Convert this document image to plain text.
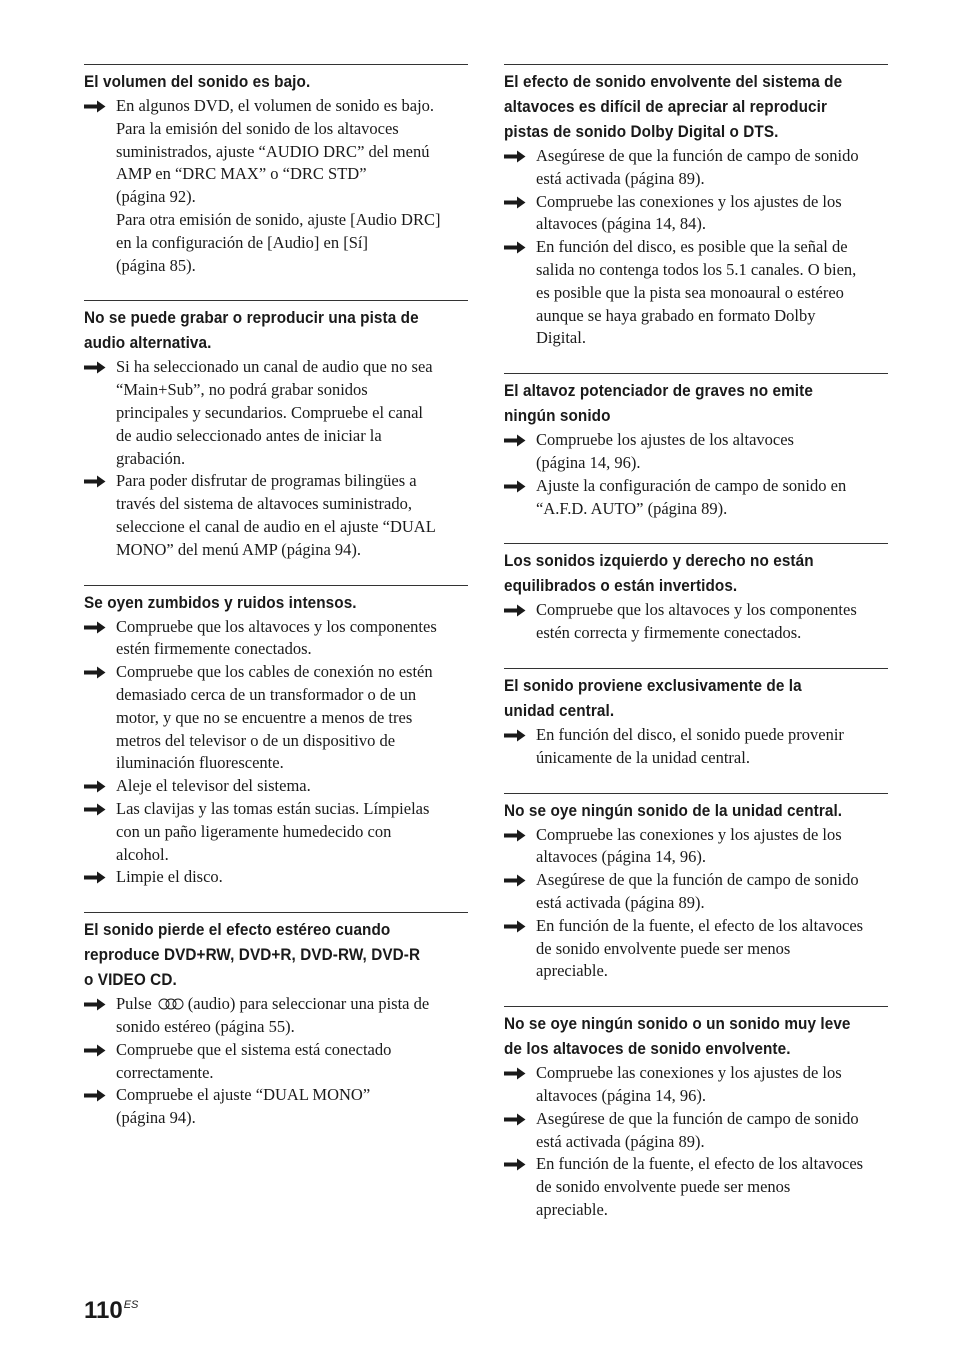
El volumen del sonido es bajo.
En algunos DVD, el volumen de sonido es bajo.
Para la emisión del sonido de los altavoces
suministrados, ajuste “AUDIO DRC” del menú
AMP en “DRC MAX” o “DRC STD”
(página 92).
Para otra emisión de sonido, ajuste [Audio DRC]
en la configuración de [Audio] en [Sí]
(página 85).
No se puede grabar o reproducir una pista de
audio alternativa.
Si ha seleccionado un canal de audio que no sea
“Main+Sub”, no podrá grabar sonidos
principales y secundarios. Compruebe el canal
de audio seleccionado antes de iniciar la
grabación.
Para poder disfrutar de programas bilingües a
través del sistema de altavoces suministrado,
seleccione el canal de audio en el ajuste “DUAL
MONO” del menú AMP (página 94).
Se oyen zumbidos y ruidos intensos.
Compruebe que los altavoces y los componentes
estén firmemente conectados.
Compruebe que los cables de conexión no estén
demasiado cerca de un transformador o de un
motor, y que no se encuentre a menos de tres
metros del televisor o de un dispositivo de
iluminación fluorescente.
Aleje el televisor del sistema.
Las clavijas y las tomas están sucias. Límpielas
con un paño ligeramente humedecido con
alcohol.
Limpie el disco.
El sonido pierde el efecto estéreo cuando
reproduce DVD+RW, DVD+R, DVD-RW, DVD-R
o VIDEO CD.
Pulse (audio) para seleccionar una pista de
sonido estéreo (página 55).
Compruebe que el sistema está conectado
correctamente.
Compruebe el ajuste “DUAL MONO”
(página 94).
El efecto de sonido envolvente del sistema de
altavoces es difícil de apreciar al reproducir
pistas de sonido Dolby Digital o DTS.
Asegúrese de que la función de campo de sonido
está activada (página 89).
Compruebe las conexiones y los ajustes de los
altavoces (página 14, 84).
En función del disco, es posible que la señal de
salida no contenga todos los 5.1 canales. O bien,
es posible que la pista sea monoaural o estéreo
aunque se haya grabado en formato Dolby
Digital.
El altavoz potenciador de graves no emite
ningún sonido
Compruebe los ajustes de los altavoces
(página 14, 96).
Ajuste la configuración de campo de sonido en
“A.F.D. AUTO” (página 89).
Los sonidos izquierdo y derecho no están
equilibrados o están invertidos.
Compruebe que los altavoces y los componentes
estén correcta y firmemente conectados.
El sonido proviene exclusivamente de la
unidad central.
En función del disco, el sonido puede provenir
únicamente de la unidad central.
No se oye ningún sonido de la unidad central.
Compruebe las conexiones y los ajustes de los
altavoces (página 14, 96).
Asegúrese de que la función de campo de sonido
está activada (página 89).
En función de la fuente, el efecto de los altavoces
de sonido envolvente puede ser menos
apreciable.
No se oye ningún sonido o un sonido muy leve
de los altavoces de sonido envolvente.
Compruebe las conexiones y los ajustes de los
altavoces (página 14, 96).
Asegúrese de que la función de campo de sonido
está activada (página 89).
En función de la fuente, el efecto de los altavoces
de sonido envolvente puede ser menos
apreciable.
$110^{ES}$
